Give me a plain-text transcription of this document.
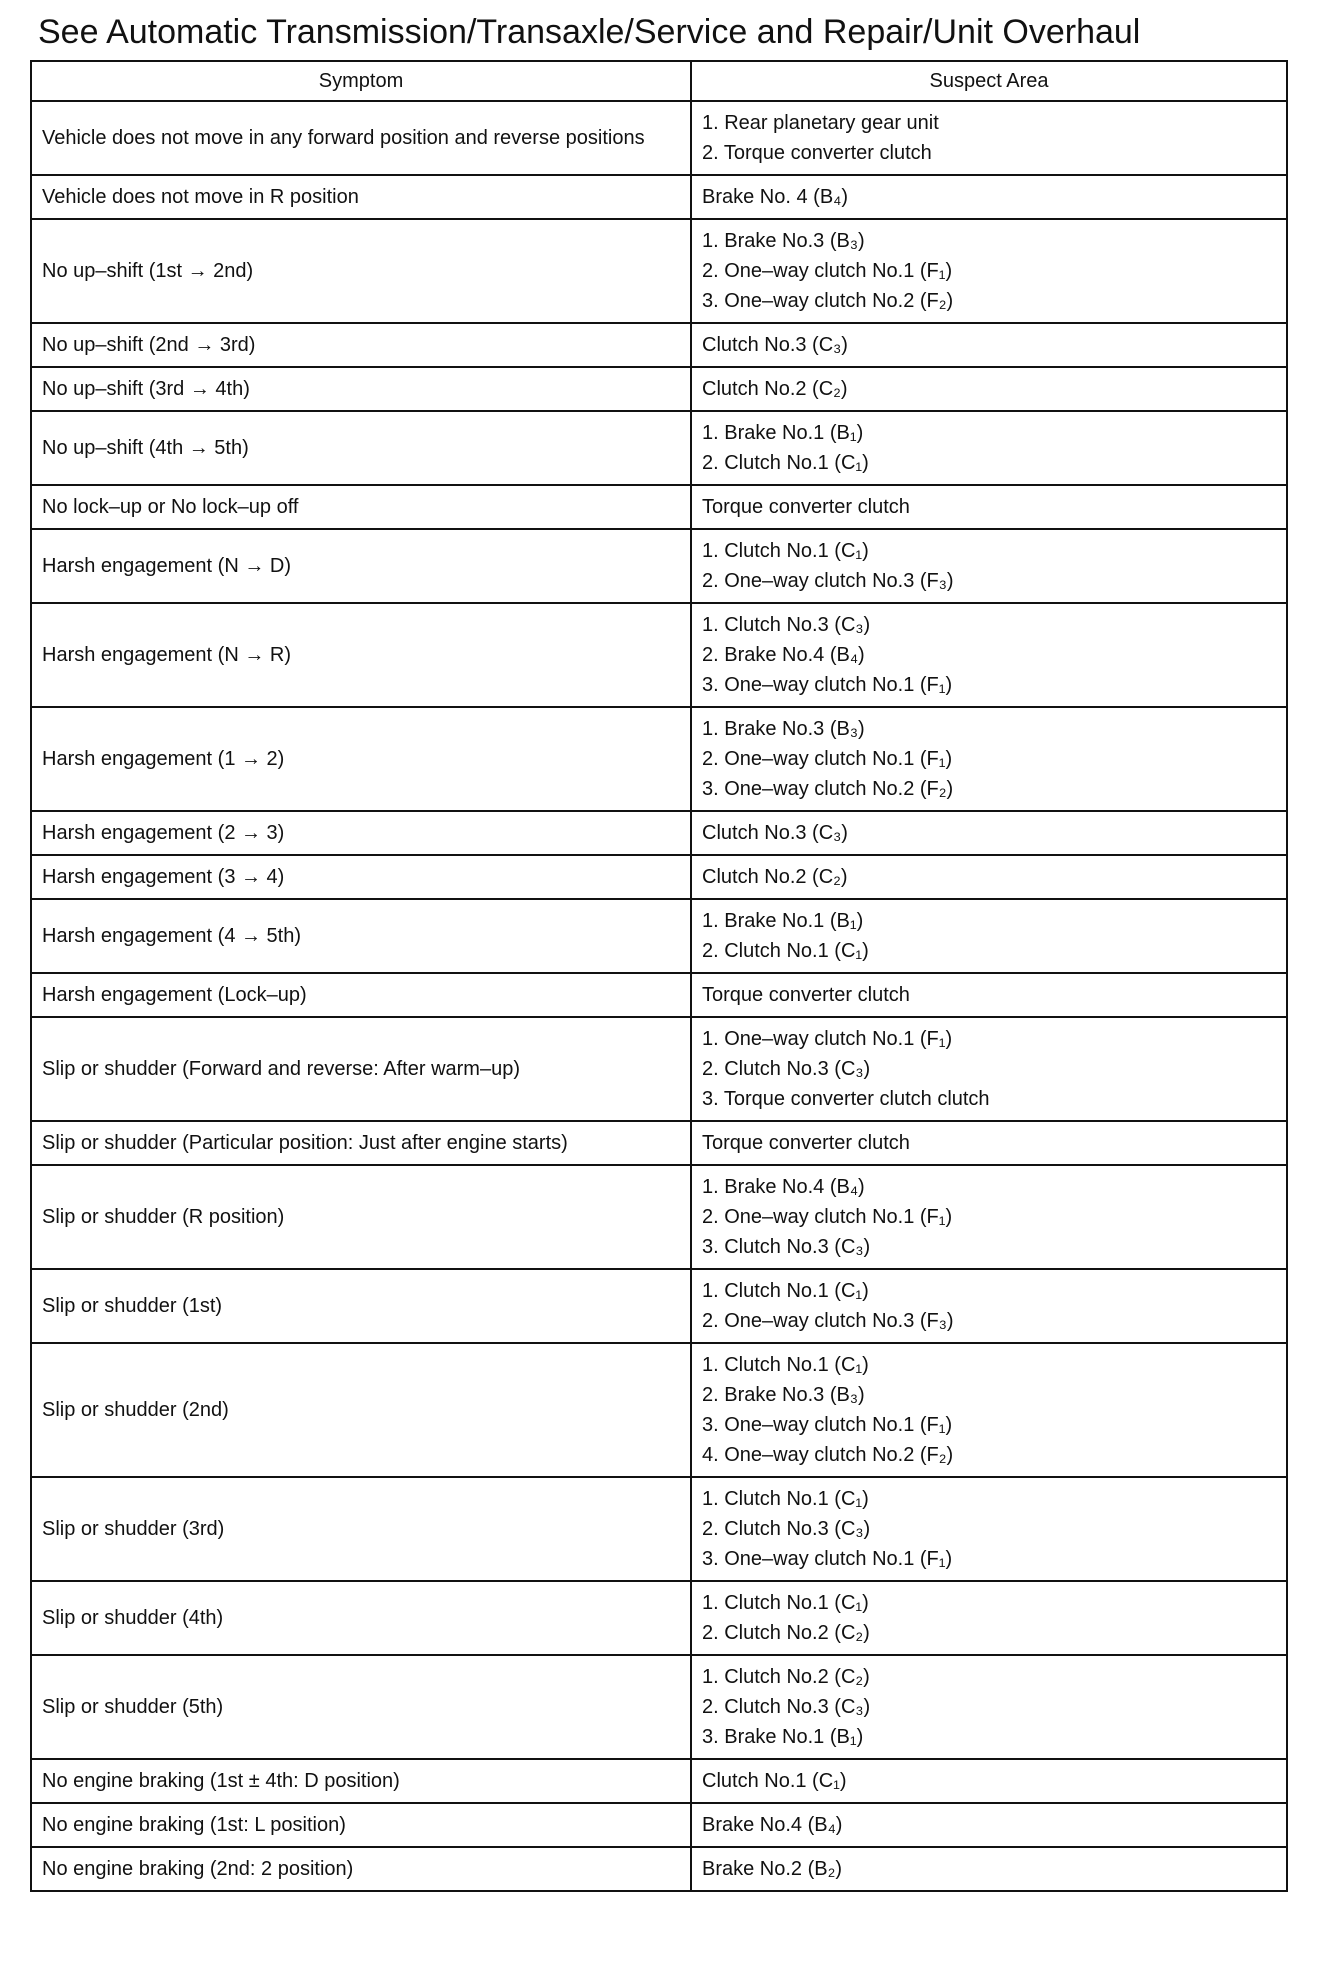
See Automatic Transmission/Transaxle/Service and Repair/Unit Overhaul
Symptom	Suspect Area
Vehicle does not move in any forward position and reverse positions	1. Rear planetary gear unit
2. Torque converter clutch

Vehicle does not move in R position	Brake No. 4 (B₄)

No up–shift (1st → 2nd)	1. Brake No.3 (B₃)
2. One–way clutch No.1 (F₁)
3. One–way clutch No.2 (F₂)

No up–shift (2nd → 3rd)	Clutch No.3 (C₃)

No up–shift (3rd → 4th)	Clutch No.2 (C₂)

No up–shift (4th → 5th)	1. Brake No.1 (B₁)
2. Clutch No.1 (C₁)

No lock–up or No lock–up off	Torque converter clutch

Harsh engagement (N → D)	1. Clutch No.1 (C₁)
2. One–way clutch No.3 (F₃)

Harsh engagement (N → R)	1. Clutch No.3 (C₃)
2. Brake No.4 (B₄)
3. One–way clutch No.1 (F₁)

Harsh engagement (1 → 2)	1. Brake No.3 (B₃)
2. One–way clutch No.1 (F₁)
3. One–way clutch No.2 (F₂)

Harsh engagement (2 → 3)	Clutch No.3 (C₃)

Harsh engagement (3 → 4)	Clutch No.2 (C₂)

Harsh engagement (4 → 5th)	1. Brake No.1 (B₁)
2. Clutch No.1 (C₁)

Harsh engagement (Lock–up)	Torque converter clutch

Slip or shudder (Forward and reverse: After warm–up)	1. One–way clutch No.1 (F₁)
2. Clutch No.3 (C₃)
3. Torque converter clutch clutch

Slip or shudder (Particular position: Just after engine starts)	Torque converter clutch

Slip or shudder (R position)	1. Brake No.4 (B₄)
2. One–way clutch No.1 (F₁)
3. Clutch No.3 (C₃)

Slip or shudder (1st)	1. Clutch No.1 (C₁)
2. One–way clutch No.3 (F₃)

Slip or shudder (2nd)	1. Clutch No.1 (C₁)
2. Brake No.3 (B₃)
3. One–way clutch No.1 (F₁)
4. One–way clutch No.2 (F₂)

Slip or shudder (3rd)	1. Clutch No.1 (C₁)
2. Clutch No.3 (C₃)
3. One–way clutch No.1 (F₁)

Slip or shudder (4th)	1. Clutch No.1 (C₁)
2. Clutch No.2 (C₂)

Slip or shudder (5th)	1. Clutch No.2 (C₂)
2. Clutch No.3 (C₃)
3. Brake No.1 (B₁)

No engine braking (1st ± 4th: D position)	Clutch No.1 (C₁)

No engine braking (1st: L position)	Brake No.4 (B₄)

No engine braking (2nd: 2 position)	Brake No.2 (B₂)
